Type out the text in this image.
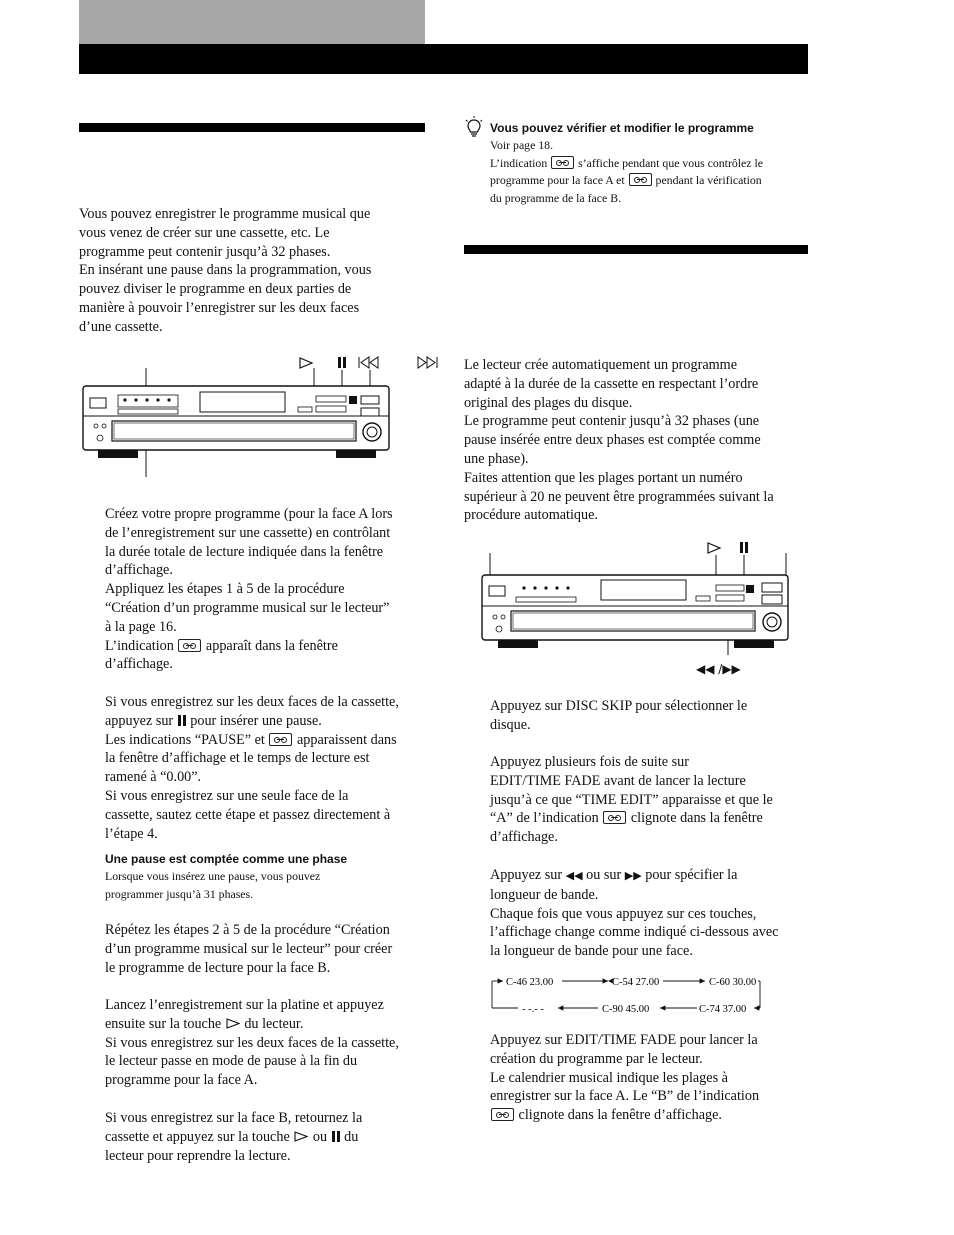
Vous pouvez enregistrer le programme musical que

vous venez de créer sur une cassette, etc. Le

programme peut contenir jusqu’à 32 phases.

En insérant une pause dans la programmation, vous

pouvez diviser le programme en deux parties de

manière à pouvoir l’enregistrer sur les deux faces

d’une cassette.

Créez votre propre programme (pour la face A lors

de l’enregistrement sur une cassette) en contrôlant

la durée totale de lecture indiquée dans la fenêtre

d’affichage.

Appliquez les étapes 1 à 5 de la procédure

“Création d’un programme musical sur le lecteur”

à la page 16.

L’indication apparaît dans la fenêtre

d’affichage.

Si vous enregistrez sur les deux faces de la cassette,

appuyez sur pour insérer une pause.

Les indications “PAUSE” et apparaissent dans

la fenêtre d’affichage et le temps de lecture est

ramené à “0.00”.

Si vous enregistrez sur une seule face de la

cassette, sautez cette étape et passez directement à

l’étape 4.

Une pause est comptée comme une phase

Lorsque vous insérez une pause, vous pouvez

programmer jusqu’à 31 phases.

Répétez les étapes 2 à 5 de la procédure “Création

d’un programme musical sur le lecteur” pour créer

le programme de lecture pour la face B.

Lancez l’enregistrement sur la platine et appuyez

ensuite sur la touche du lecteur.

Si vous enregistrez sur les deux faces de la cassette,

le lecteur passe en mode de pause à la fin du

programme pour la face A.

Si vous enregistrez sur la face B, retournez la

cassette et appuyez sur la touche ou du

lecteur pour reprendre la lecture.

Vous pouvez vérifier et modifier le programme

Voir page 18.

L’indication	s’affiche pendant que vous contrôlez le

programme pour la face A et	pendant la vérification

du programme de la face B.

Le lecteur crée automatiquement un programme

adapté à la durée de la cassette en respectant l’ordre

original des plages du disque.

Le programme peut contenir jusqu’à 32 phases (une

pause insérée entre deux phases est comptée comme

une phase).

Faites attention que les plages portant un numéro

supérieur à 20 ne peuvent être programmées suivant la

procédure automatique.

◀◀ /▶▶

Appuyez sur DISC SKIP pour sélectionner le

disque.

Appuyez plusieurs fois de suite sur

EDIT/TIME FADE avant de lancer la lecture

jusqu’à ce que “TIME EDIT” apparaisse et que le

“A” de l’indication clignote dans la fenêtre

d’affichage.

Appuyez sur ◀◀ ou sur ▶▶ pour spécifier la

longueur de bande.

Chaque fois que vous appuyez sur ces touches,

l’affichage change comme indiqué ci-dessous avec

la longueur de bande pour une face.

C-46 23.00	C-54 27.00	C-60 30.00
- -.- -	C-90 45.00	C-74 37.00

Appuyez sur EDIT/TIME FADE pour lancer la

création du programme par le lecteur.

Le calendrier musical indique les plages à

enregistrer sur la face A. Le “B” de l’indication

clignote dans la fenêtre d’affichage.
